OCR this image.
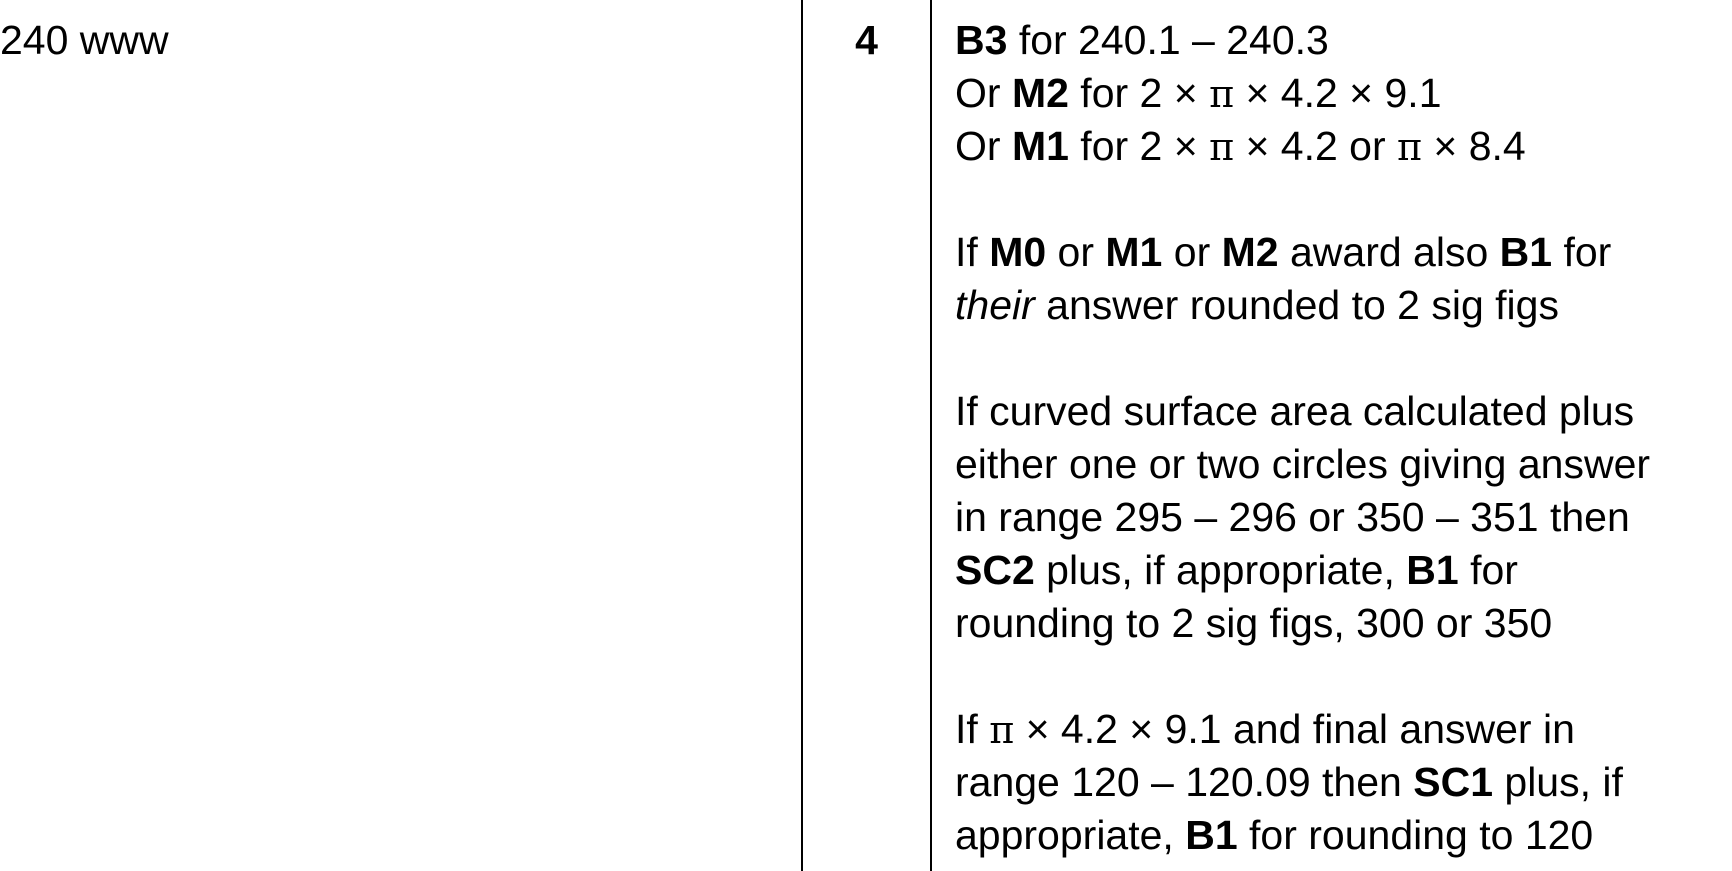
240 www	4	B3 for 240.1 – 240.3
Or M2 for 2 × π × 4.2 × 9.1
Or M1 for 2 × π × 4.2 or π × 8.4
If M0 or M1 or M2 award also B1 for
their answer rounded to 2 sig figs
If curved surface area calculated plus
either one or two circles giving answer
in range 295 – 296 or 350 – 351 then
SC2 plus, if appropriate, B1 for
rounding to 2 sig figs, 300 or 350
If π × 4.2 × 9.1 and final answer in
range 120 – 120.09 then SC1 plus, if
appropriate, B1 for rounding to 120
